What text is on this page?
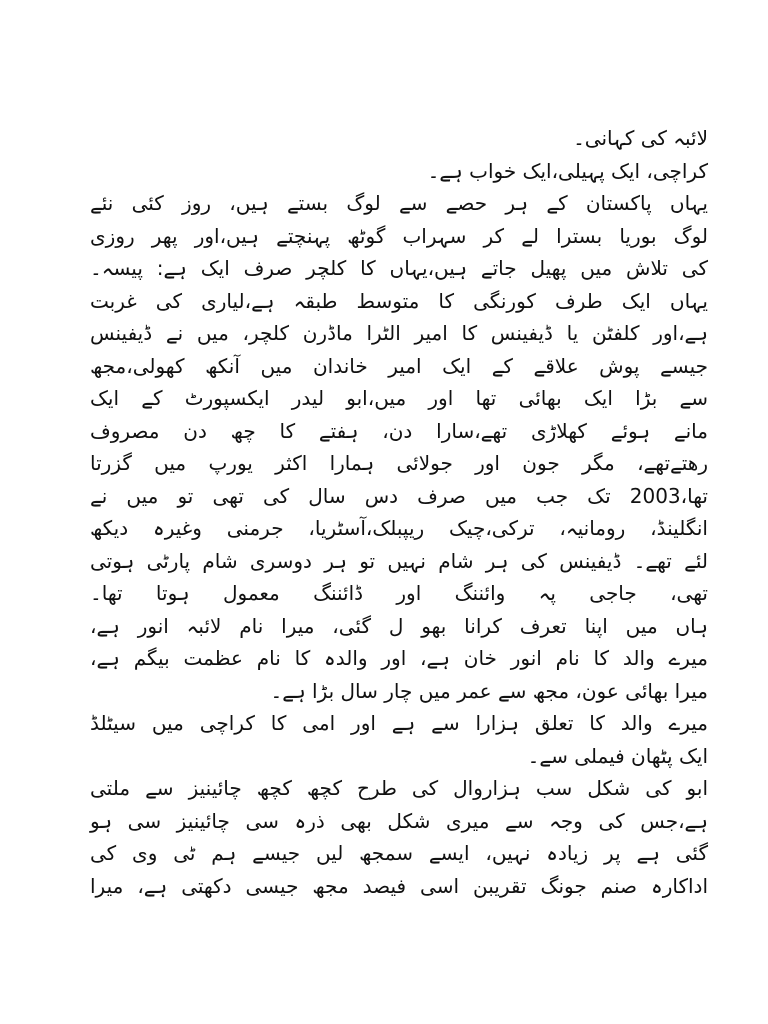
لائبہ کی کہانی۔
کراچی، ایک پہیلی،ایک خواب ہے۔
یہاں پاکستان کے ہر حصے سے لوگ بستے ہیں، روز کئی نئے
لوگ بوریا بسترا لے کر سہراب گوٹھ پہنچتے ہیں،اور پھر روزی
کی تلاش میں پھیل جاتے ہیں،یہاں کا کلچر صرف ایک ہے: پیسہ۔
یہاں ایک طرف کورنگی کا متوسط طبقہ ہے،لیاری کی غربت
ہے،اور کلفٹن یا ڈیفینس کا امیر الٹرا ماڈرن کلچر، میں نے ڈیفینس
جیسے پوش علاقے کے ایک امیر خاندان میں آنکھ کھولی،مجھ
سے بڑا ایک بھائی تھا اور میں،ابو لیدر ایکسپورٹ کے ایک
مانے ہوئے کھلاڑی تھے،سارا دن، ہفتے کا چھ دن مصروف
رھتےتھے، مگر جون اور جولائی ہمارا اکثر یورپ میں گزرتا
تھا،2003 تک جب میں صرف دس سال کی تھی تو میں نے
انگلینڈ، رومانیہ، ترکی،چیک ریپبلک،آسٹریا، جرمنی وغیرہ دیکھ
لئے تھے۔ ڈیفینس کی ہر شام نہیں تو ہر دوسری شام پارٹی ہوتی
تھی، جاجی پہ وائننگ اور ڈائننگ معمول ہوتا تھا۔
ہاں میں اپنا تعرف کرانا بھو ل گئی، میرا نام لائبہ انور ہے،
میرے والد کا نام انور خان ہے، اور والدہ کا نام عظمت بیگم ہے،
میرا بھائی عون، مجھ سے عمر میں چار سال بڑا ہے۔
میرے والد کا تعلق ہزارا سے ہے اور امی کا کراچی میں سیٹلڈ
ایک پٹھان فیملی سے۔
ابو کی شکل سب ہزاروال کی طرح کچھ کچھ چائینیز سے ملتی
ہے،جس کی وجہ سے میری شکل بھی ذرہ سی چائینیز سی ہو
گئی ہے پر زیادہ نہیں، ایسے سمجھ لیں جیسے ہم ٹی وی کی
اداکارہ صنم جونگ تقریبن اسی فیصد مجھ جیسی دکھتی ہے، میرا
